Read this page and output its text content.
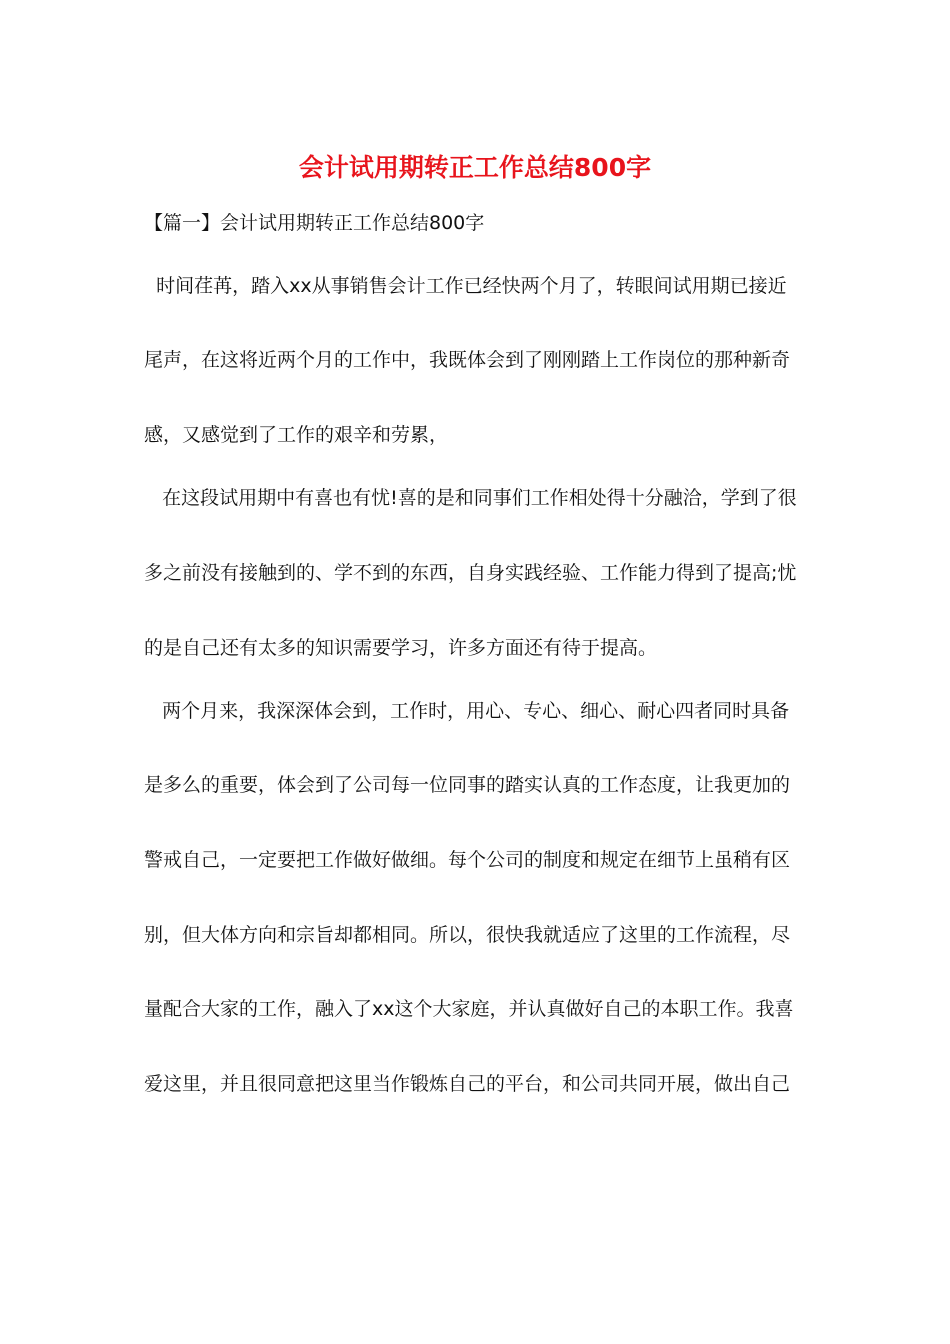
会计试用期转正工作总结800字
【篇一】会计试用期转正工作总结800字
时间荏苒，踏入xx从事销售会计工作已经快两个月了，转眼间试用期已接近
尾声，在这将近两个月的工作中，我既体会到了刚刚踏上工作岗位的那种新奇
感，又感觉到了工作的艰辛和劳累，
在这段试用期中有喜也有忧!喜的是和同事们工作相处得十分融洽，学到了很
多之前没有接触到的、学不到的东西，自身实践经验、工作能力得到了提高;忧
的是自己还有太多的知识需要学习，许多方面还有待于提高。
两个月来，我深深体会到，工作时，用心、专心、细心、耐心四者同时具备
是多么的重要，体会到了公司每一位同事的踏实认真的工作态度，让我更加的
警戒自己，一定要把工作做好做细。每个公司的制度和规定在细节上虽稍有区
别，但大体方向和宗旨却都相同。所以，很快我就适应了这里的工作流程，尽
量配合大家的工作，融入了xx这个大家庭，并认真做好自己的本职工作。我喜
爱这里，并且很同意把这里当作锻炼自己的平台，和公司共同开展，做出自己
